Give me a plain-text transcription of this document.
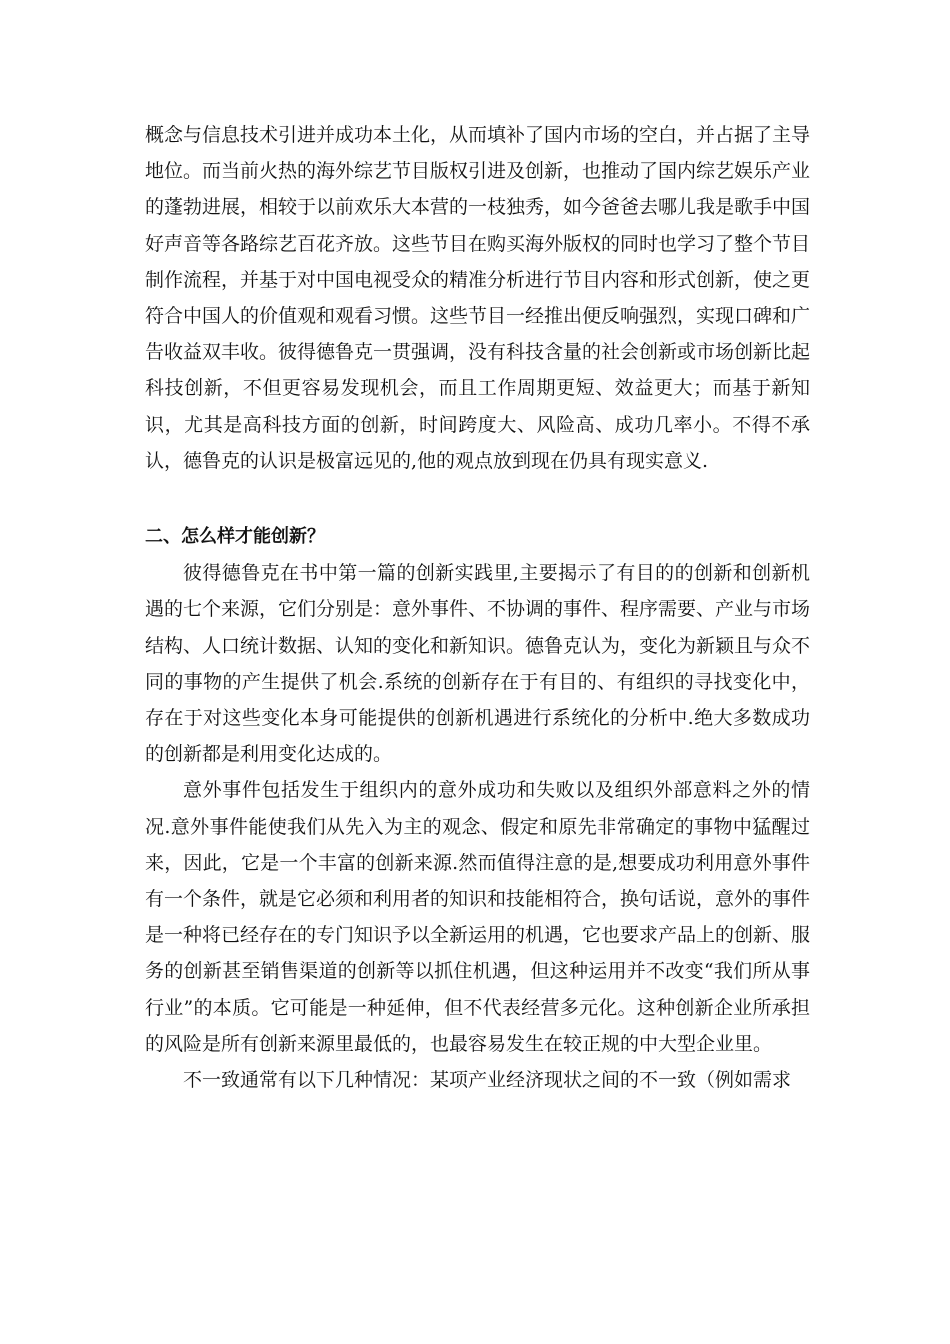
概念与信息技术引进并成功本土化，从而填补了国内市场的空白，并占据了主导地位。而当前火热的海外综艺节目版权引进及创新，也推动了国内综艺娱乐产业的蓬勃进展，相较于以前欢乐大本营的一枝独秀，如今爸爸去哪儿我是歌手中国好声音等各路综艺百花齐放。这些节目在购买海外版权的同时也学习了整个节目制作流程，并基于对中国电视受众的精准分析进行节目内容和形式创新，使之更符合中国人的价值观和观看习惯。这些节目一经推出便反响强烈，实现口碑和广告收益双丰收。彼得德鲁克一贯强调，没有科技含量的社会创新或市场创新比起科技创新，不但更容易发现机会，而且工作周期更短、效益更大；而基于新知识，尤其是高科技方面的创新，时间跨度大、风险高、成功几率小。不得不承认，德鲁克的认识是极富远见的,他的观点放到现在仍具有现实意义.

二、怎么样才能创新？

彼得德鲁克在书中第一篇的创新实践里,主要揭示了有目的的创新和创新机遇的七个来源，它们分别是：意外事件、不协调的事件、程序需要、产业与市场结构、人口统计数据、认知的变化和新知识。德鲁克认为，变化为新颖且与众不同的事物的产生提供了机会.系统的创新存在于有目的、有组织的寻找变化中，存在于对这些变化本身可能提供的创新机遇进行系统化的分析中.绝大多数成功的创新都是利用变化达成的。

意外事件包括发生于组织内的意外成功和失败以及组织外部意料之外的情况.意外事件能使我们从先入为主的观念、假定和原先非常确定的事物中猛醒过来，因此，它是一个丰富的创新来源.然而值得注意的是,想要成功利用意外事件有一个条件，就是它必须和利用者的知识和技能相符合，换句话说，意外的事件是一种将已经存在的专门知识予以全新运用的机遇，它也要求产品上的创新、服务的创新甚至销售渠道的创新等以抓住机遇，但这种运用并不改变“我们所从事行业”的本质。它可能是一种延伸，但不代表经营多元化。这种创新企业所承担的风险是所有创新来源里最低的，也最容易发生在较正规的中大型企业里。

不一致通常有以下几种情况：某项产业经济现状之间的不一致（例如需求
